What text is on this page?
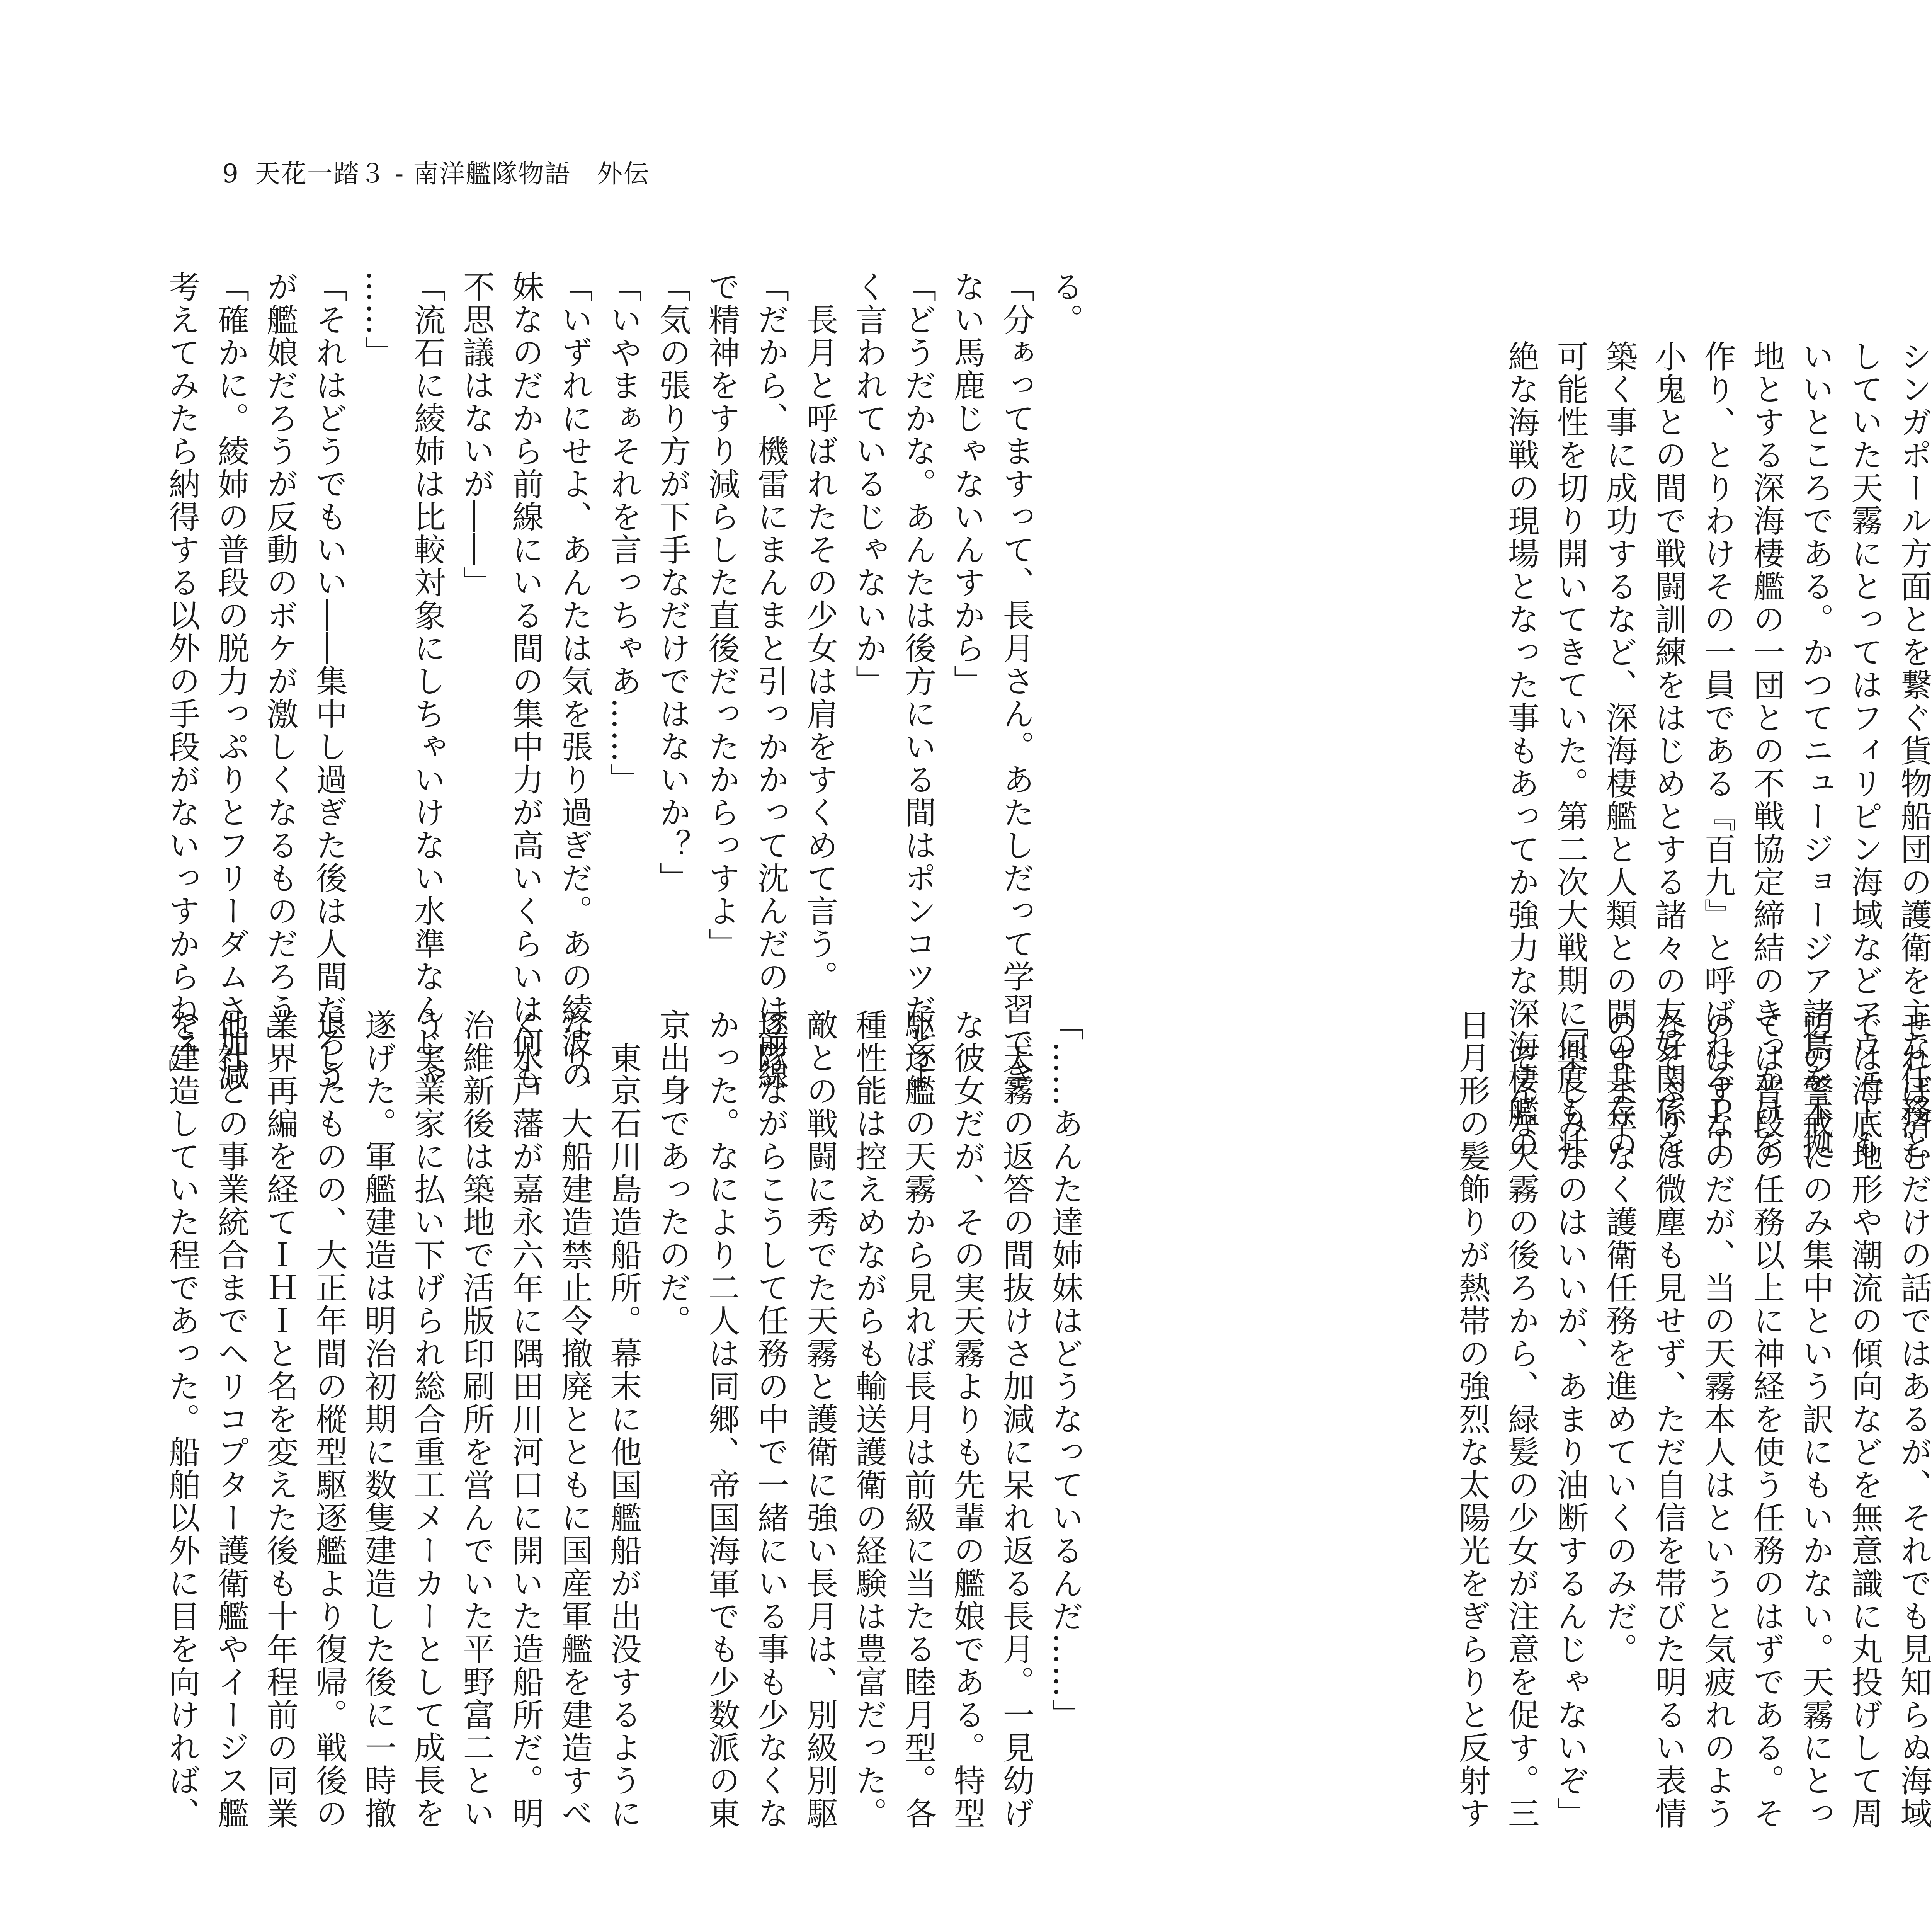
9 天花一踏３ - 南洋艦隊物語　外伝

る。

「分ぁってますって、長月さん。あたしだって学習でき

ない馬鹿じゃないんすから」

「どうだかな。あんたは後方にいる間はポンコツだとよ

く言われているじゃないか」

　長月と呼ばれたその少女は肩をすくめて言う。

「だから、機雷にまんまと引っかかって沈んだのは前線

で精神をすり減らした直後だったからっすよ」

「気の張り方が下手なだけではないか？」

「いやまぁそれを言っちゃあ……」

「いずれにせよ、あんたは気を張り過ぎだ。あの綾波の

妹なのだから前線にいる間の集中力が高いくらいは何も

不思議はないが――」

「流石に綾姉は比較対象にしちゃいけない水準なんじゃ

……」

「それはどうでもいい――集中し過ぎた後は人間だろう

が艦娘だろうが反動のボケが激しくなるものだろう」

「確かに。綾姉の普段の脱力っぷりとフリーダムさ加減

考えてみたら納得する以外の手段がないっすからねぇ」

「……あんた達姉妹はどうなっているんだ……」

　天霧の返答の間抜けさ加減に呆れ返る長月。一見幼げ

な彼女だが、その実天霧よりも先輩の艦娘である。特型

駆逐艦の天霧から見れば長月は前級に当たる睦月型。各

種性能は控えめながらも輸送護衛の経験は豊富だった。

敵との戦闘に秀でた天霧と護衛に強い長月は、別級別駆

逐隊ながらこうして任務の中で一緒にいる事も少なくな

かった。なにより二人は同郷、帝国海軍でも少数派の東

京出身であったのだ。

　東京石川島造船所。幕末に他国艦船が出没するように

なり、大船建造禁止令撤廃とともに国産軍艦を建造すべ

く水戸藩が嘉永六年に隅田川河口に開いた造船所だ。明

治維新後は築地で活版印刷所を営んでいた平野富二とい

う実業家に払い下げられ総合重工メーカーとして成長を

遂げた。軍艦建造は明治初期に数隻建造した後に一時撤

退したものの、大正年間の樅型駆逐艦より復帰。戦後の

業界再編を経てＩＨＩと名を変えた後も十年程前の同業

他社との事業統合までヘリコプター護衛艦やイージス艦

を建造していた程であった。船舶以外に目を向ければ、

シンガポール方面とを繋ぐ貨物船団の護衛を主な任務と

していた天霧にとってはフィリピン海域などアウェーも

いいところである。かつてニュージョージア諸島を本拠

地とする深海棲艦の一団との不戦協定締結のきっかけを

作り、とりわけその一員である『百九』と呼ばれるＰＴ

小鬼との間で戦闘訓練をはじめとする諸々の友好関係を

築く事に成功するなど、深海棲艦と人類との間の共存の

可能性を切り開いてきていた。第二次大戦期に何度も壮

絶な海戦の現場となった事もあってか強力な深海棲艦の

せれば済むだけの話ではあるが、それでも見知らぬ海域

では海底地形や潮流の傾向などを無意識に丸投げして周

辺の警戒にのみ集中という訳にもいかない。天霧にとっ

ては普段の任務以上に神経を使う任務のはずである。そ

のはずなのだが、当の天霧本人はというと気疲れのよう

なそぶりは微塵も見せず、ただ自信を帯びた明るい表情

のまま卒なく護衛任務を進めていくのみだ。

「楽しみなのはいいが、あまり油断するんじゃないぞ」

　そんな天霧の後ろから、緑髪の少女が注意を促す。三

日月形の髪飾りが熱帯の強烈な太陽光をぎらりと反射す
